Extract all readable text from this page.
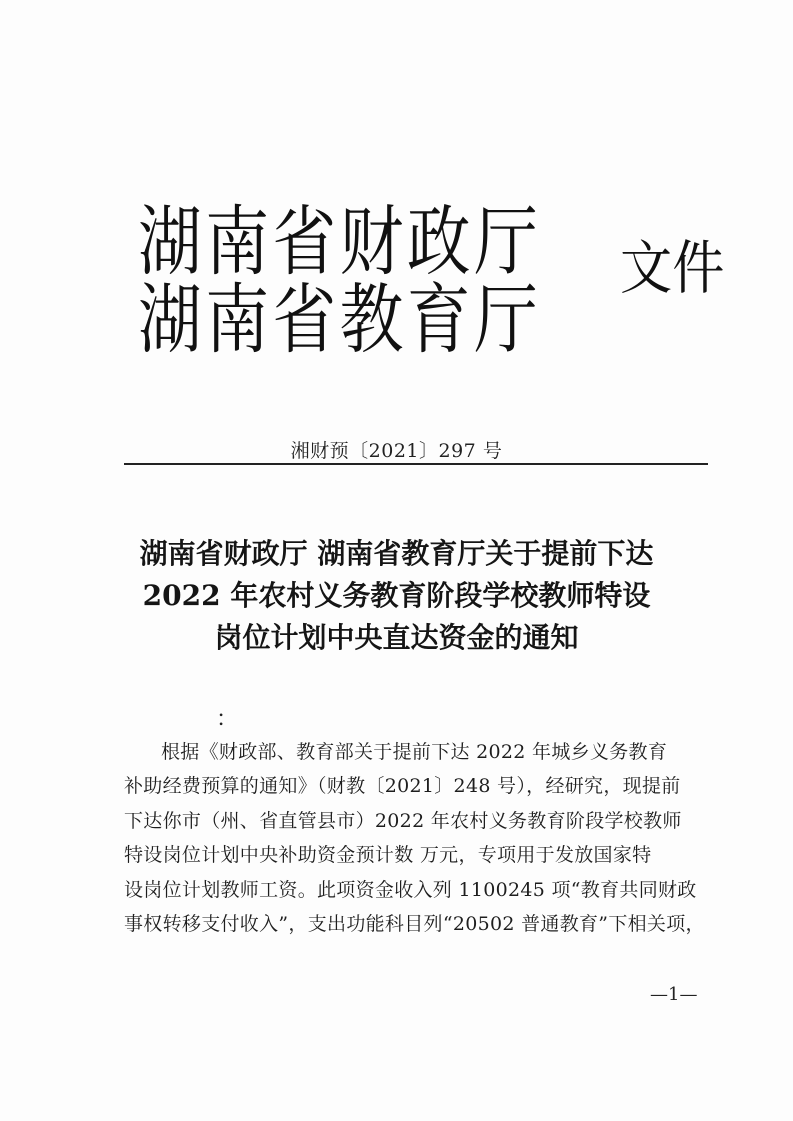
湖南省财政厅
湖南省教育厅
文件
湘财预〔2021〕297 号
湖南省财政厅 湖南省教育厅关于提前下达
2022 年农村义务教育阶段学校教师特设
岗位计划中央直达资金的通知
：
根据《财政部、教育部关于提前下达 2022 年城乡义务教育
补助经费预算的通知》（财教〔2021〕248 号），经研究，现提前
下达你市（州、省直管县市）2022 年农村义务教育阶段学校教师
特设岗位计划中央补助资金预计数 万元，专项用于发放国家特
设岗位计划教师工资。此项资金收入列 1100245 项“教育共同财政
事权转移支付收入”，支出功能科目列“20502 普通教育”下相关项，
—1—
